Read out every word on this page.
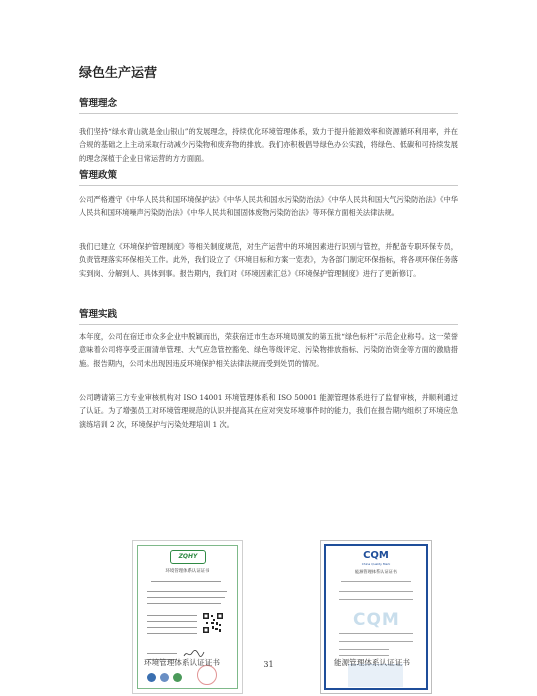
绿色生产运营
管理理念
我们坚持“绿水青山就是金山银山”的发展理念，持续优化环境管理体系，致力于提升能源效率和资源循环利用率，并在合规的基础之上主动采取行动减少污染物和废弃物的排放。我们亦积极倡导绿色办公实践，将绿色、低碳和可持续发展的理念深植于企业日常运营的方方面面。
管理政策
公司严格遵守《中华人民共和国环境保护法》《中华人民共和国水污染防治法》《中华人民共和国大气污染防治法》《中华人民共和国环境噪声污染防治法》《中华人民共和国固体废物污染防治法》等环保方面相关法律法规。
我们已建立《环境保护管理制度》等相关制度规范，对生产运营中的环境因素进行识别与管控，并配备专职环保专员，负责管理落实环保相关工作。此外，我们设立了《环境目标和方案一览表》，为各部门制定环保指标，将各项环保任务落实到岗、分解到人、具体到事。报告期内，我们对《环境因素汇总》《环境保护管理制度》进行了更新修订。
管理实践
本年度，公司在宿迁市众多企业中脱颖而出，荣获宿迁市生态环境局颁发的第五批“绿色标杆”示范企业称号。这一荣誉意味着公司将享受正面清单管理、大气应急管控豁免、绿色等级评定、污染物排放指标、污染防治资金等方面的激励措施。报告期内，公司未出现因违反环境保护相关法律法规而受到处罚的情况。
公司聘请第三方专业审核机构对 ISO 14001 环境管理体系和 ISO 50001 能源管理体系进行了监督审核，并顺利通过了认证。为了增强员工对环境管理规范的认识并提高其在应对突发环境事件时的能力，我们在报告期内组织了环境应急演练培训 2 次，环境保护与污染处理培训 1 次。
ZQHY
环境管理体系认证证书
环境管理体系认证证书
CQM
China Quality Mark
能源管理体系认证证书
CQM
能源管理体系认证证书
31
